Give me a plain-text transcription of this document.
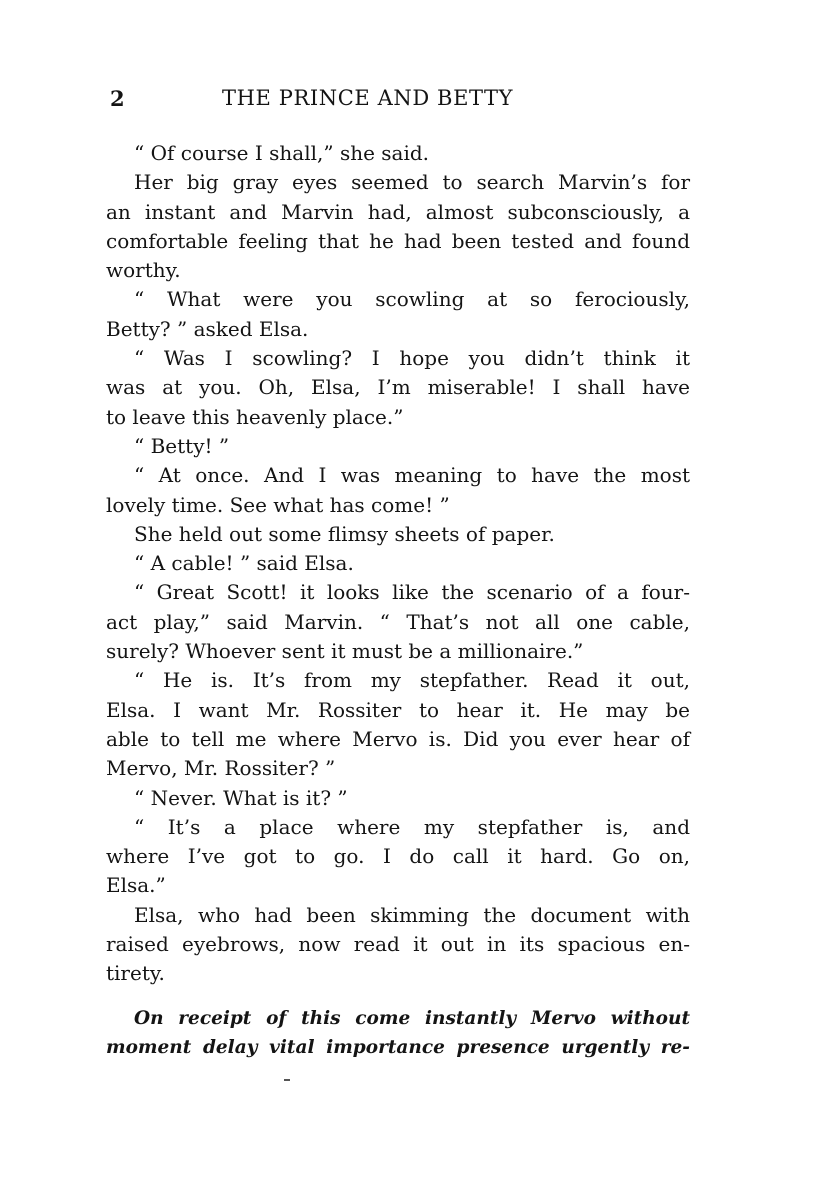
2	THE PRINCE AND BETTY
“ Of course I shall,” she said.
Her big gray eyes seemed to search Marvin’s for
an instant and Marvin had, almost subconsciously, a
comfortable feeling that he had been tested and found
worthy.
“ What were you scowling at so ferociously,
Betty? ” asked Elsa.
“ Was I scowling? I hope you didn’t think it
was at you. Oh, Elsa, I’m miserable! I shall have
to leave this heavenly place.”
“ Betty! ”
“ At once. And I was meaning to have the most
lovely time. See what has come! ”
She held out some flimsy sheets of paper.
“ A cable! ” said Elsa.
“ Great Scott! it looks like the scenario of a four-
act play,” said Marvin. “ That’s not all one cable,
surely? Whoever sent it must be a millionaire.”
“ He is. It’s from my stepfather. Read it out,
Elsa. I want Mr. Rossiter to hear it. He may be
able to tell me where Mervo is. Did you ever hear of
Mervo, Mr. Rossiter? ”
“ Never. What is it? ”
“ It’s a place where my stepfather is, and
where I’ve got to go. I do call it hard. Go on,
Elsa.”
Elsa, who had been skimming the document with
raised eyebrows, now read it out in its spacious en-
tirety.
On receipt of this come instantly Mervo without
moment delay vital importance presence urgently re-
